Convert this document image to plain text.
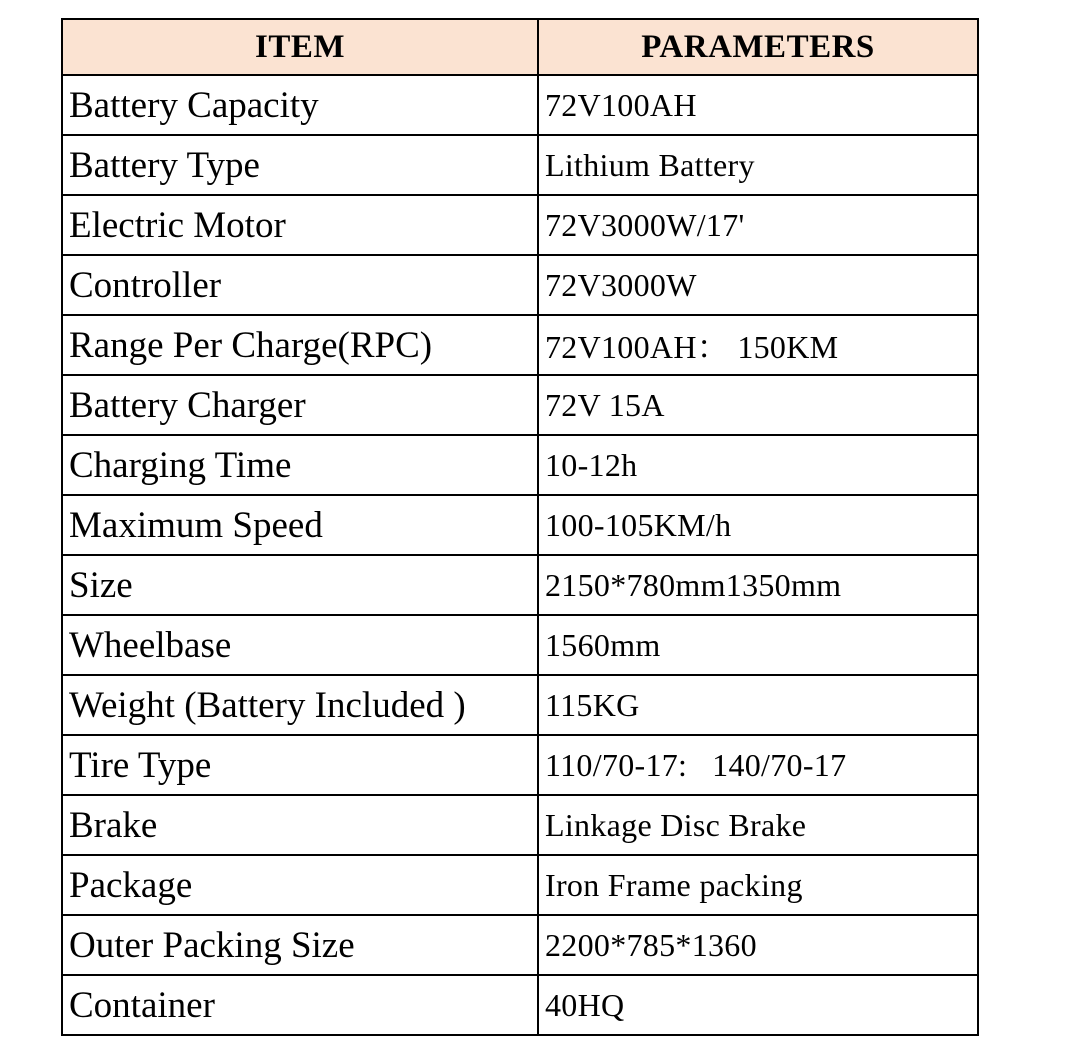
ITEM	PARAMETERS
Battery Capacity	72V100AH
Battery Type	Lithium Battery
Electric Motor	72V3000W/17'
Controller	72V3000W
Range Per Charge(RPC)	72V100AH： 150KM
Battery Charger	72V 15A
Charging Time	10-12h
Maximum Speed	100-105KM/h
Size	2150*780mm1350mm
Wheelbase	1560mm
Weight (Battery Included )	115KG
Tire Type	110/70-17:   140/70-17
Brake	Linkage Disc Brake
Package	Iron Frame packing
Outer Packing Size	2200*785*1360
Container	40HQ
